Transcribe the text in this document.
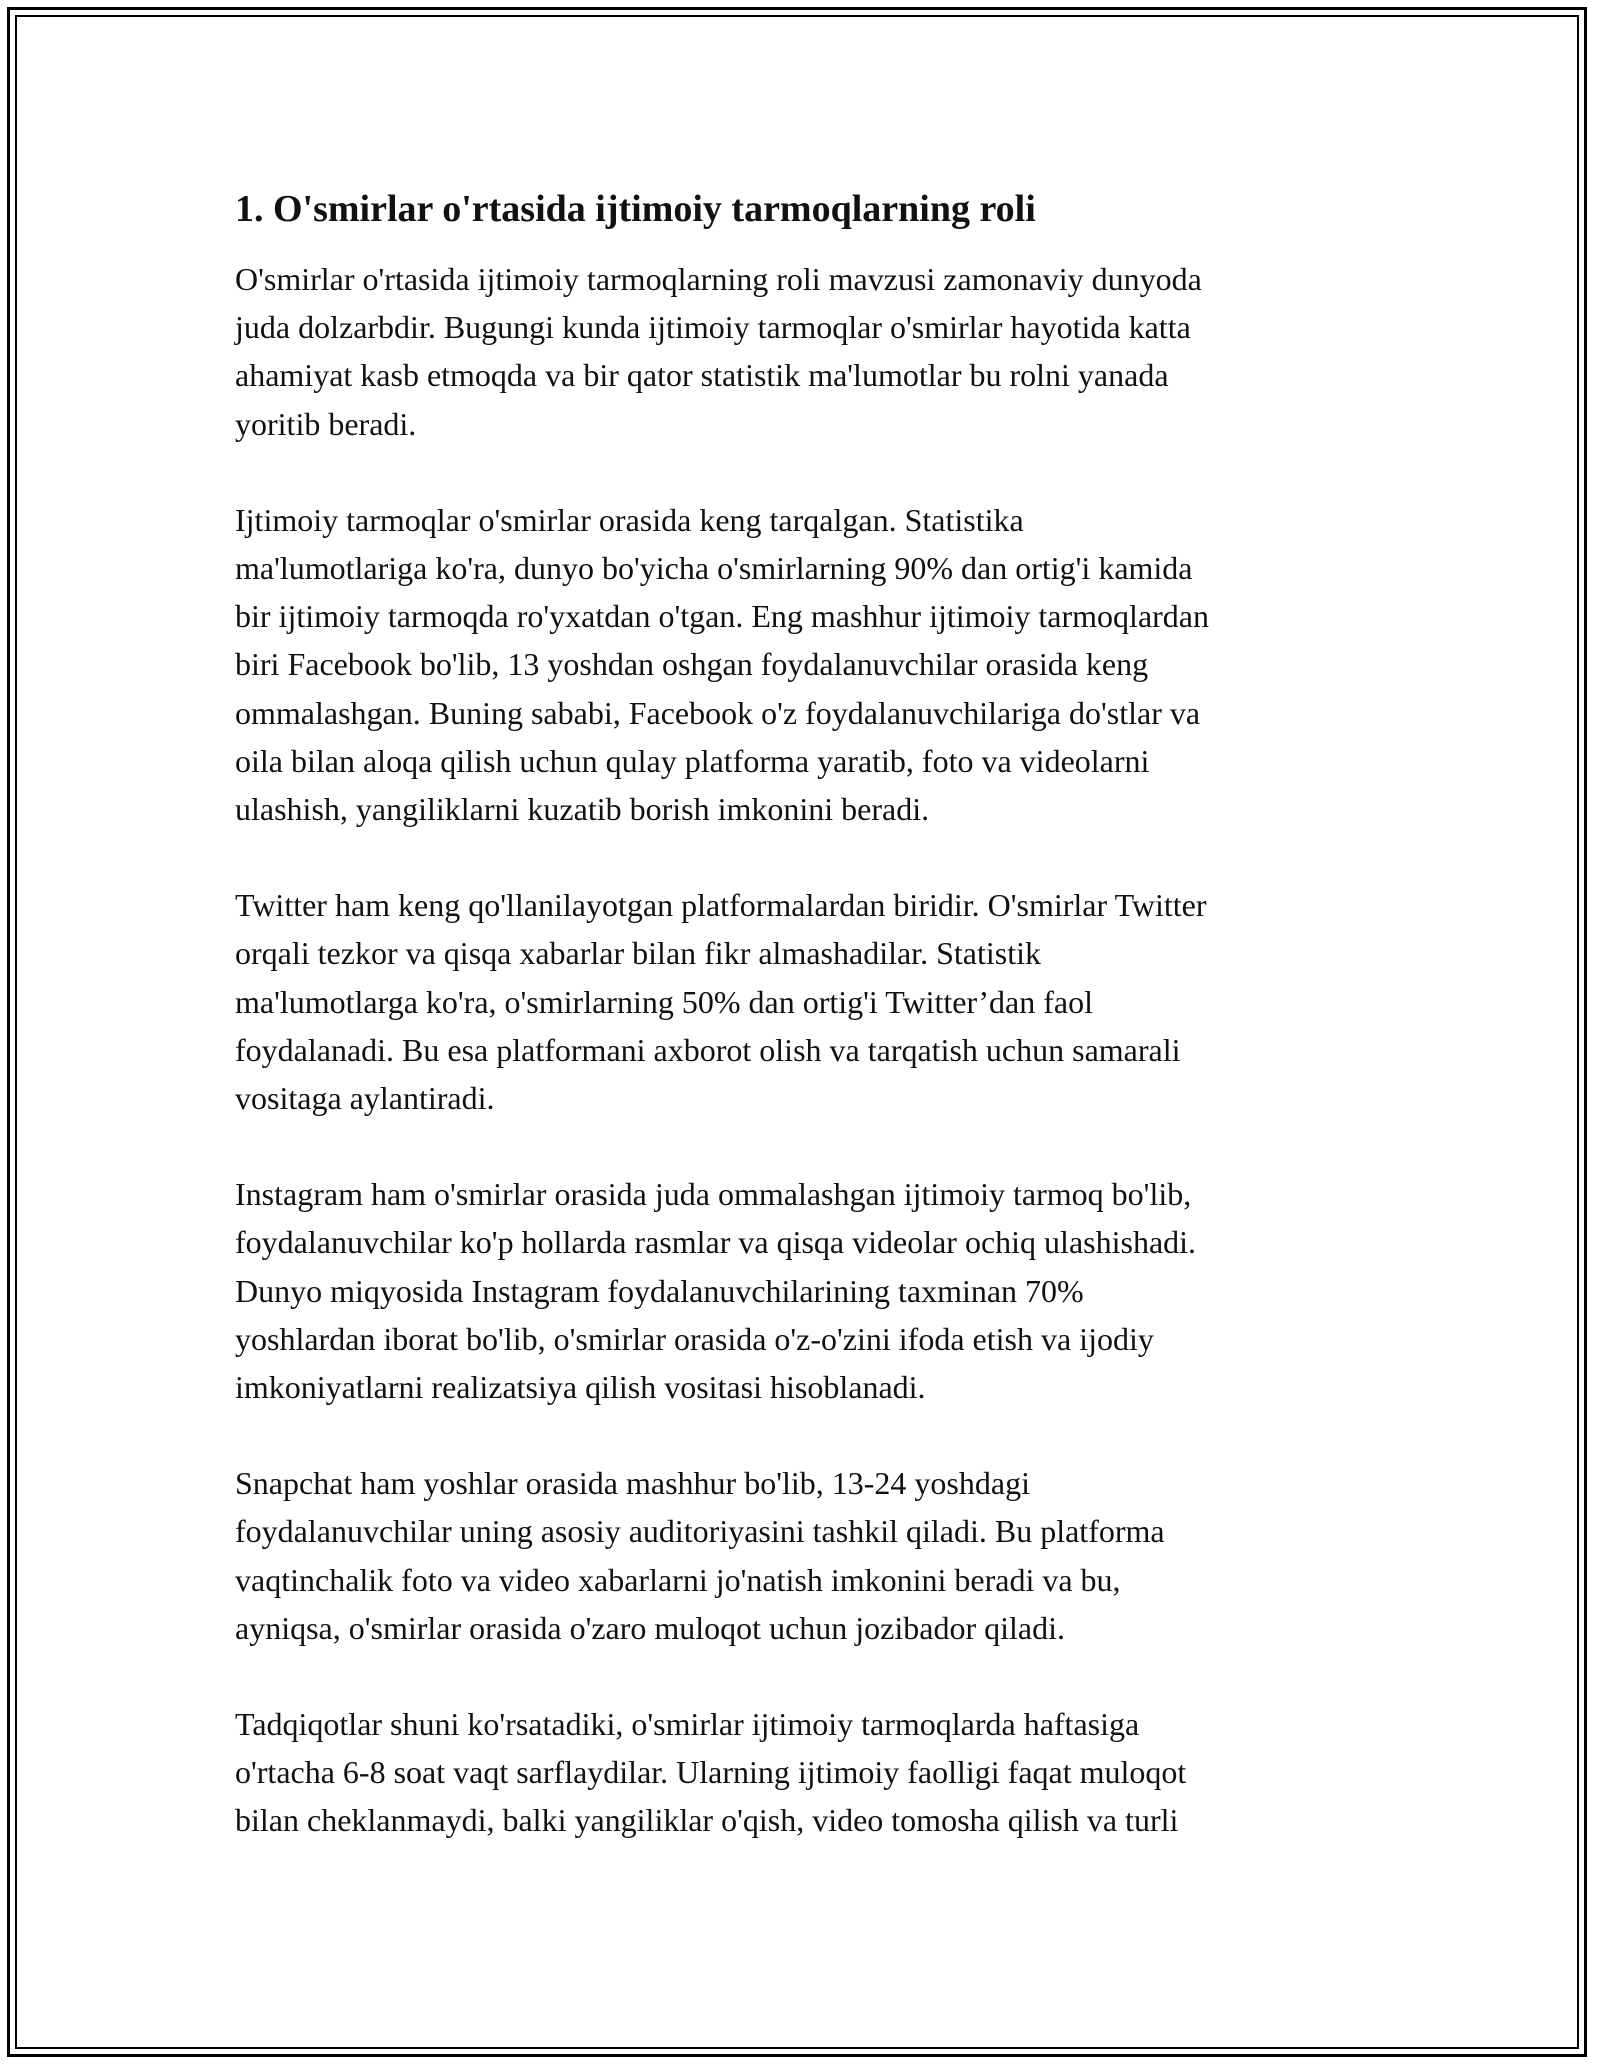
1. O'smirlar o'rtasida ijtimoiy tarmoqlarning roli

O'smirlar o'rtasida ijtimoiy tarmoqlarning roli mavzusi zamonaviy dunyoda
juda dolzarbdir. Bugungi kunda ijtimoiy tarmoqlar o'smirlar hayotida katta
ahamiyat kasb etmoqda va bir qator statistik ma'lumotlar bu rolni yanada
yoritib beradi.

Ijtimoiy tarmoqlar o'smirlar orasida keng tarqalgan. Statistika
ma'lumotlariga ko'ra, dunyo bo'yicha o'smirlarning 90% dan ortig'i kamida
bir ijtimoiy tarmoqda ro'yxatdan o'tgan. Eng mashhur ijtimoiy tarmoqlardan
biri Facebook bo'lib, 13 yoshdan oshgan foydalanuvchilar orasida keng
ommalashgan. Buning sababi, Facebook o'z foydalanuvchilariga do'stlar va
oila bilan aloqa qilish uchun qulay platforma yaratib, foto va videolarni
ulashish, yangiliklarni kuzatib borish imkonini beradi.

Twitter ham keng qo'llanilayotgan platformalardan biridir. O'smirlar Twitter
orqali tezkor va qisqa xabarlar bilan fikr almashadilar. Statistik
ma'lumotlarga ko'ra, o'smirlarning 50% dan ortig'i Twitter’dan faol
foydalanadi. Bu esa platformani axborot olish va tarqatish uchun samarali
vositaga aylantiradi.

Instagram ham o'smirlar orasida juda ommalashgan ijtimoiy tarmoq bo'lib,
foydalanuvchilar ko'p hollarda rasmlar va qisqa videolar ochiq ulashishadi.
Dunyo miqyosida Instagram foydalanuvchilarining taxminan 70%
yoshlardan iborat bo'lib, o'smirlar orasida o'z-o'zini ifoda etish va ijodiy
imkoniyatlarni realizatsiya qilish vositasi hisoblanadi.

Snapchat ham yoshlar orasida mashhur bo'lib, 13-24 yoshdagi
foydalanuvchilar uning asosiy auditoriyasini tashkil qiladi. Bu platforma
vaqtinchalik foto va video xabarlarni jo'natish imkonini beradi va bu,
ayniqsa, o'smirlar orasida o'zaro muloqot uchun jozibador qiladi.

Tadqiqotlar shuni ko'rsatadiki, o'smirlar ijtimoiy tarmoqlarda haftasiga
o'rtacha 6-8 soat vaqt sarflaydilar. Ularning ijtimoiy faolligi faqat muloqot
bilan cheklanmaydi, balki yangiliklar o'qish, video tomosha qilish va turli
